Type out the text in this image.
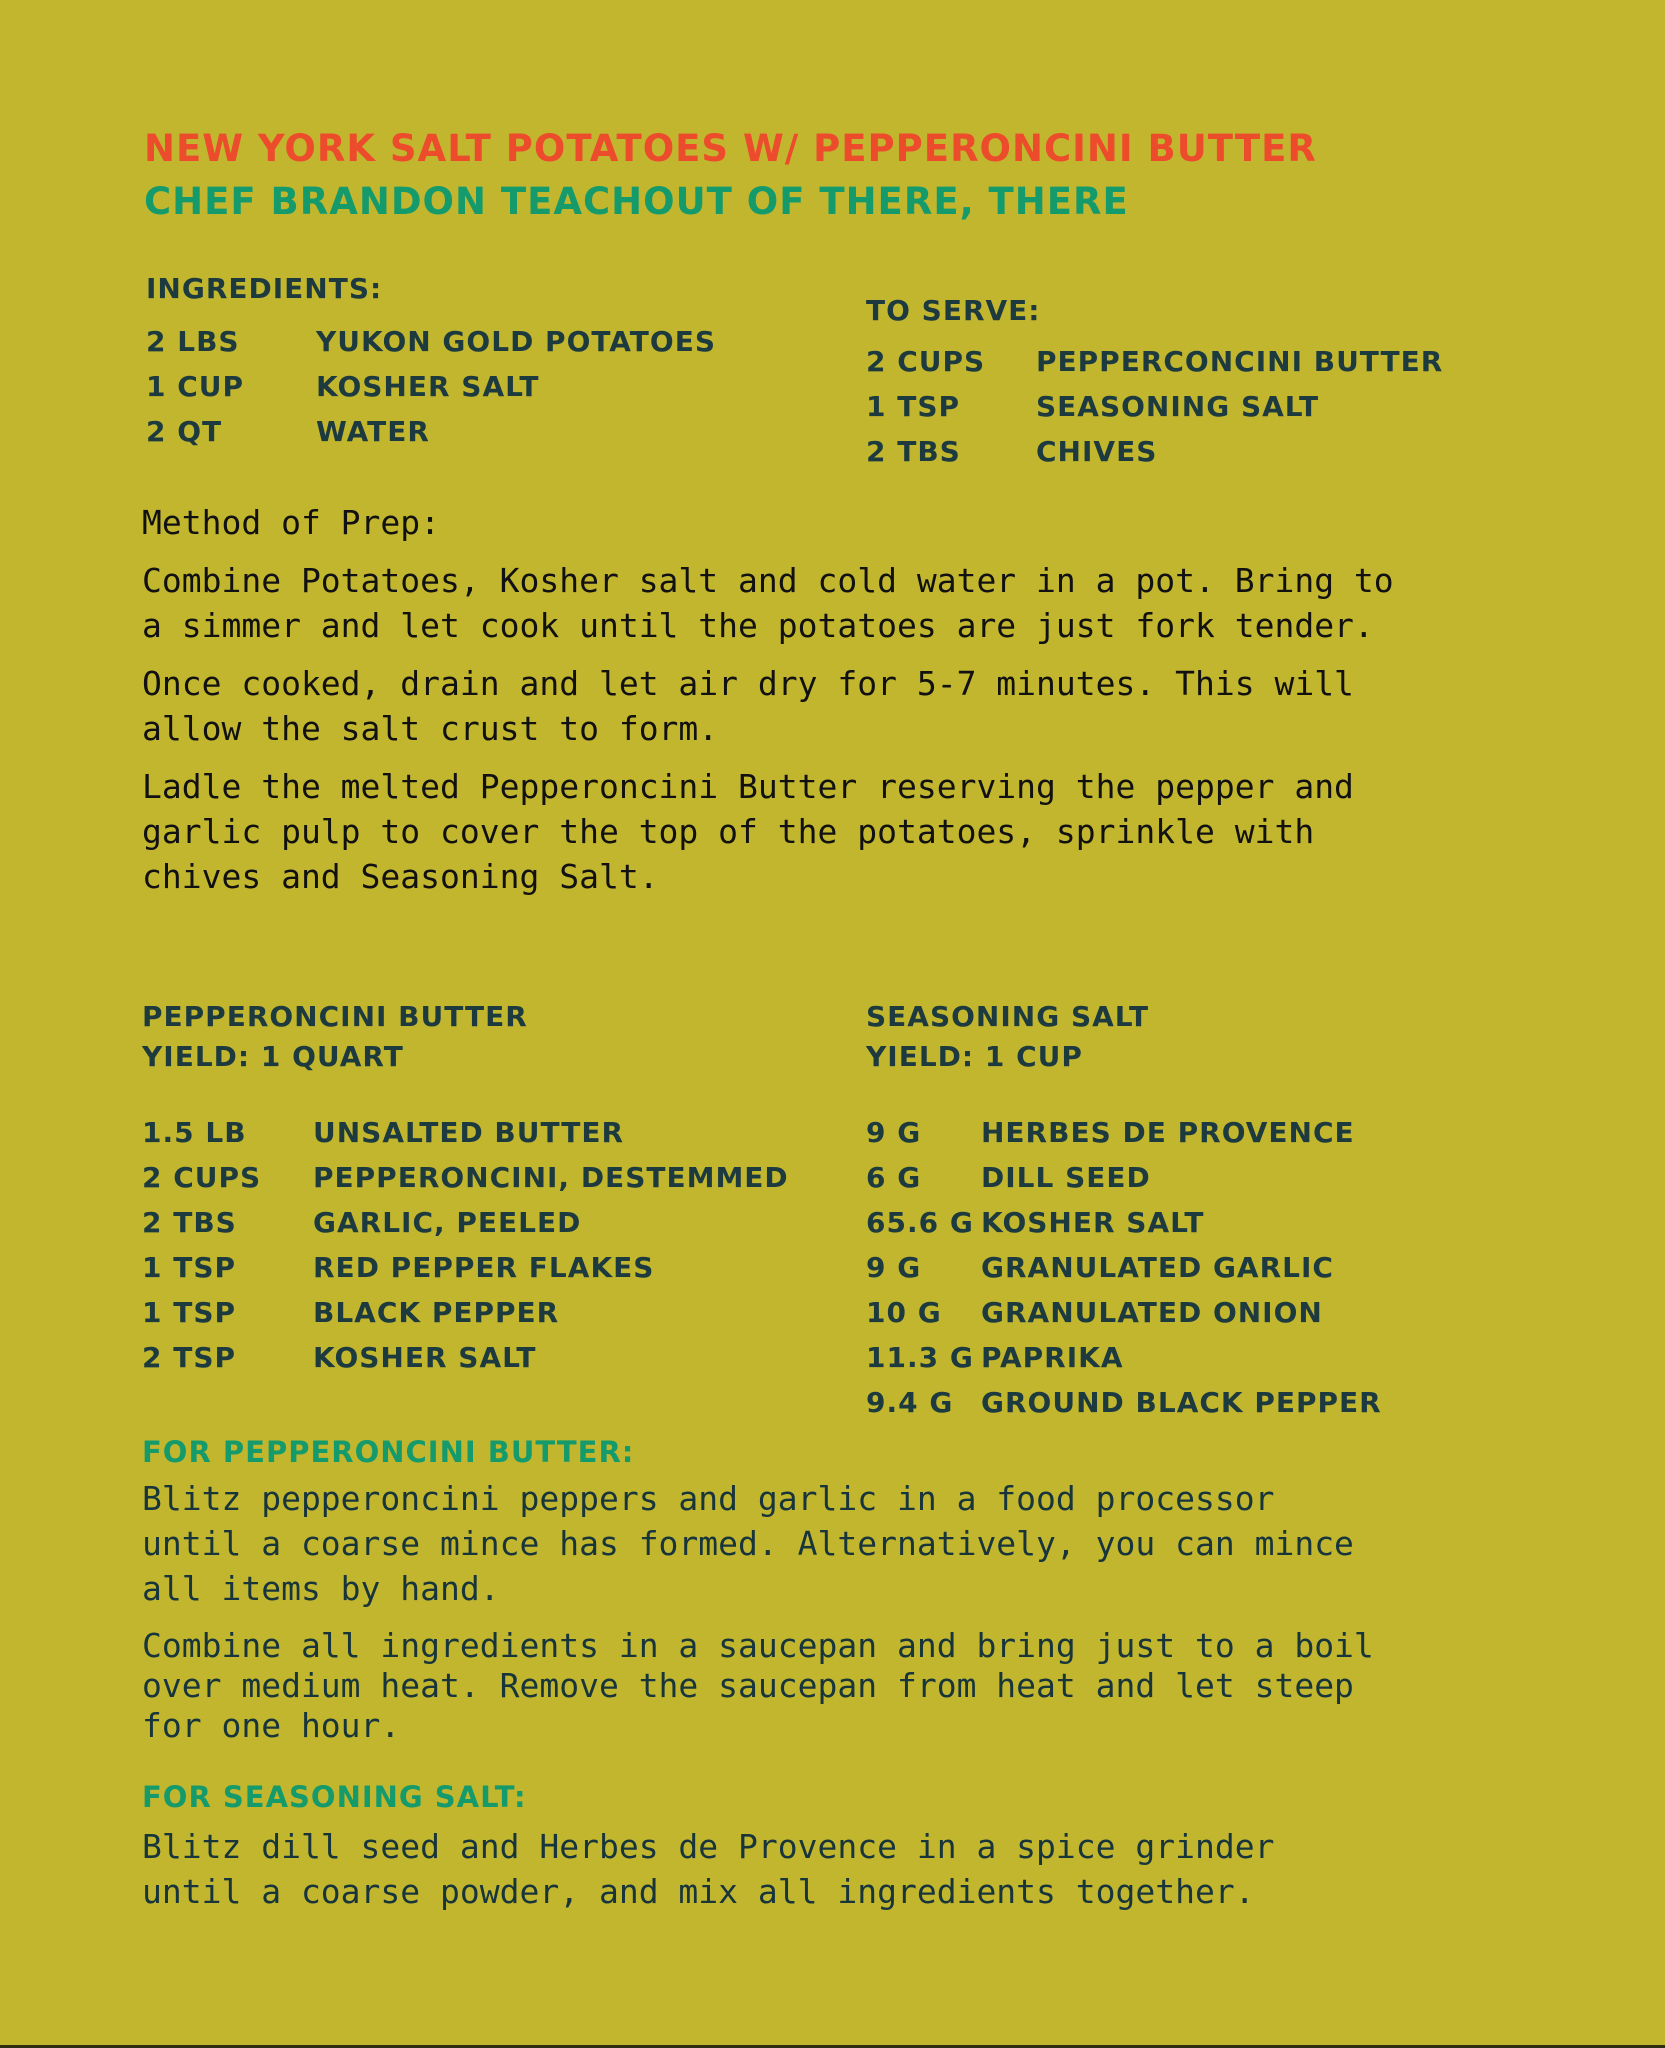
NEW YORK SALT POTATOES W/ PEPPERONCINI BUTTER
CHEF BRANDON TEACHOUT OF THERE, THERE
INGREDIENTS:
2 LBS	YUKON GOLD POTATOES
1 CUP	KOSHER SALT
2 QT	WATER
TO SERVE:
2 CUPS PEPPERCONCINI BUTTER
1 TSP	SEASONING SALT
2 TBS	CHIVES
Method of Prep:
Combine Potatoes, Kosher salt and cold water in a pot. Bring to
a simmer and let cook until the potatoes are just fork tender.
Once cooked, drain and let air dry for 5-7 minutes. This will
allow the salt crust to form.
Ladle the melted Pepperoncini Butter reserving the pepper and
garlic pulp to cover the top of the potatoes, sprinkle with
chives and Seasoning Salt.
PEPPERONCINI BUTTER
YIELD: 1 QUART
1.5 LB UNSALTED BUTTER
2 CUPS PEPPERONCINI, DESTEMMED
2 TBS	GARLIC, PEELED
1 TSP	RED PEPPER FLAKES
1 TSP	BLACK PEPPER
2 TSP	KOSHER SALT
SEASONING SALT
YIELD: 1 CUP
9 G HERBES DE PROVENCE
6 G DILL SEED
65.6 G KOSHER SALT
9 G GRANULATED GARLIC
10 G GRANULATED ONION
11.3 G PAPRIKA
9.4 G GROUND BLACK PEPPER
FOR PEPPERONCINI BUTTER:
Blitz pepperoncini peppers and garlic in a food processor
until a coarse mince has formed. Alternatively, you can mince
all items by hand.
Combine all ingredients in a saucepan and bring just to a boil
over medium heat. Remove the saucepan from heat and let steep
for one hour.
FOR SEASONING SALT:
Blitz dill seed and Herbes de Provence in a spice grinder
until a coarse powder, and mix all ingredients together.
